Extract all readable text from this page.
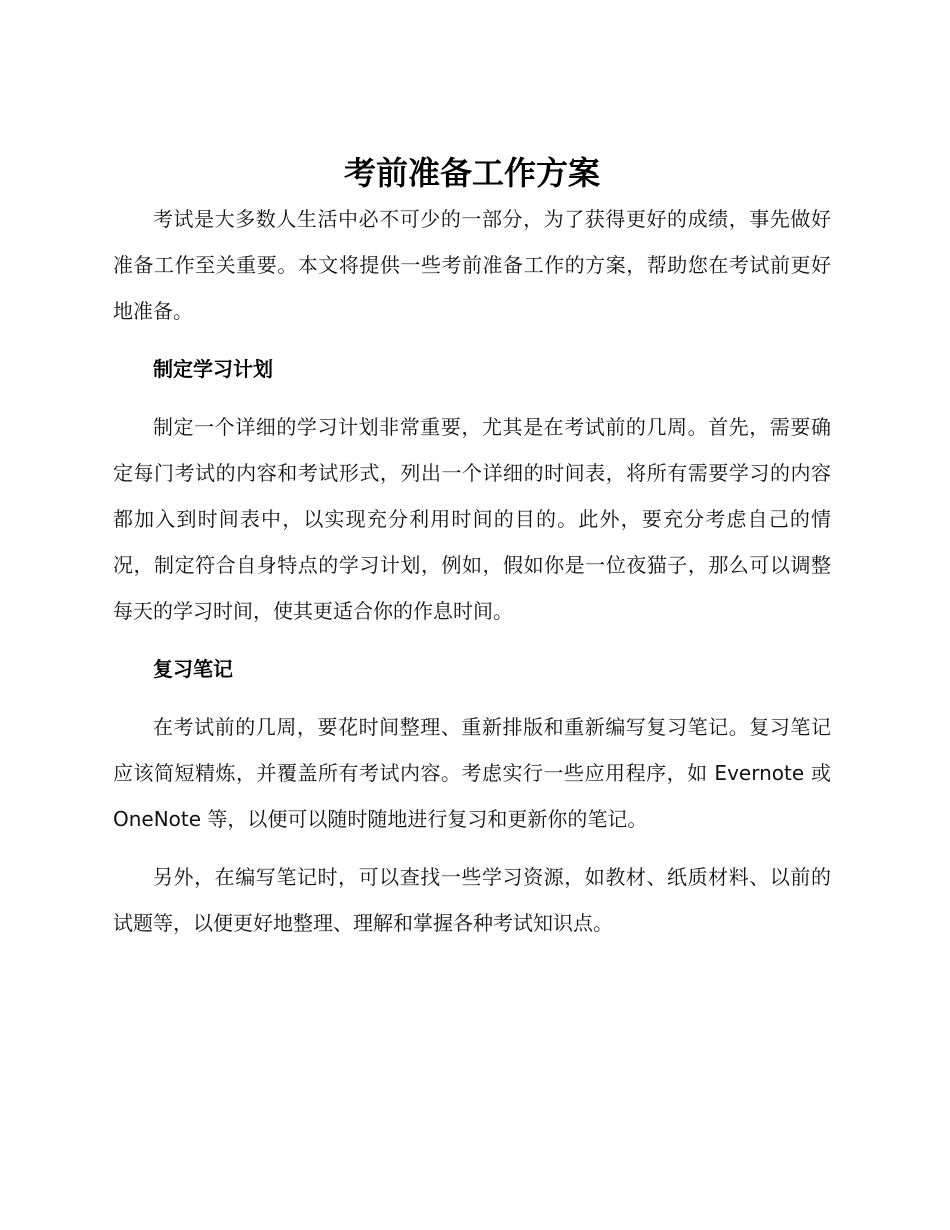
考前准备工作方案

考试是大多数人生活中必不可少的一部分，为了获得更好的成绩，事先做好准备工作至关重要。本文将提供一些考前准备工作的方案，帮助您在考试前更好地准备。

制定学习计划

制定一个详细的学习计划非常重要，尤其是在考试前的几周。首先，需要确定每门考试的内容和考试形式，列出一个详细的时间表，将所有需要学习的内容都加入到时间表中，以实现充分利用时间的目的。此外，要充分考虑自己的情况，制定符合自身特点的学习计划，例如，假如你是一位夜猫子，那么可以调整每天的学习时间，使其更适合你的作息时间。

复习笔记

在考试前的几周，要花时间整理、重新排版和重新编写复习笔记。复习笔记应该简短精炼，并覆盖所有考试内容。考虑实行一些应用程序，如 Evernote 或 OneNote 等，以便可以随时随地进行复习和更新你的笔记。

另外，在编写笔记时，可以查找一些学习资源，如教材、纸质材料、以前的试题等，以便更好地整理、理解和掌握各种考试知识点。
